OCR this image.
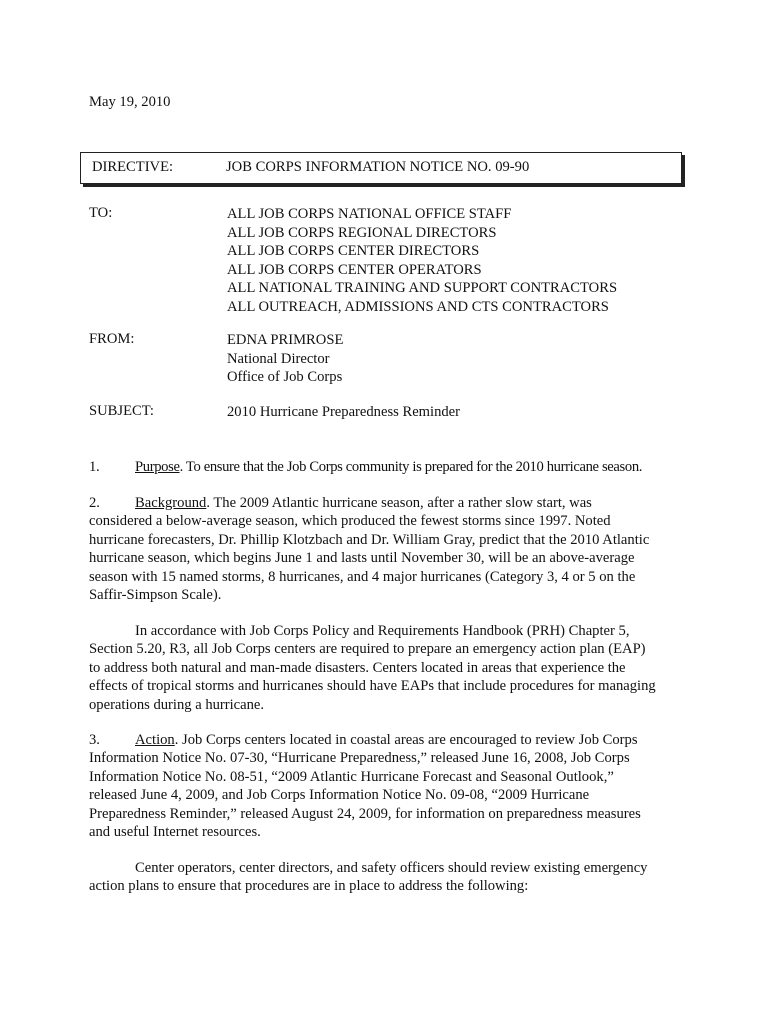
May 19, 2010
DIRECTIVE:	JOB CORPS INFORMATION NOTICE NO. 09-90
TO:	ALL JOB CORPS NATIONAL OFFICE STAFF
ALL JOB CORPS REGIONAL DIRECTORS
ALL JOB CORPS CENTER DIRECTORS
ALL JOB CORPS CENTER OPERATORS
ALL NATIONAL TRAINING AND SUPPORT CONTRACTORS
ALL OUTREACH, ADMISSIONS AND CTS CONTRACTORS
FROM:	EDNA PRIMROSE
National Director
Office of Job Corps
SUBJECT:	2010 Hurricane Preparedness Reminder
1. Purpose. To ensure that the Job Corps community is prepared for the 2010 hurricane season.
2. Background. The 2009 Atlantic hurricane season, after a rather slow start, was
considered a below-average season, which produced the fewest storms since 1997. Noted
hurricane forecasters, Dr. Phillip Klotzbach and Dr. William Gray, predict that the 2010 Atlantic
hurricane season, which begins June 1 and lasts until November 30, will be an above-average
season with 15 named storms, 8 hurricanes, and 4 major hurricanes (Category 3, 4 or 5 on the
Saffir-Simpson Scale).
In accordance with Job Corps Policy and Requirements Handbook (PRH) Chapter 5,
Section 5.20, R3, all Job Corps centers are required to prepare an emergency action plan (EAP)
to address both natural and man-made disasters. Centers located in areas that experience the
effects of tropical storms and hurricanes should have EAPs that include procedures for managing
operations during a hurricane.
3. Action. Job Corps centers located in coastal areas are encouraged to review Job Corps
Information Notice No. 07-30, “Hurricane Preparedness,” released June 16, 2008, Job Corps
Information Notice No. 08-51, “2009 Atlantic Hurricane Forecast and Seasonal Outlook,”
released June 4, 2009, and Job Corps Information Notice No. 09-08, “2009 Hurricane
Preparedness Reminder,” released August 24, 2009, for information on preparedness measures
and useful Internet resources.
Center operators, center directors, and safety officers should review existing emergency
action plans to ensure that procedures are in place to address the following:
